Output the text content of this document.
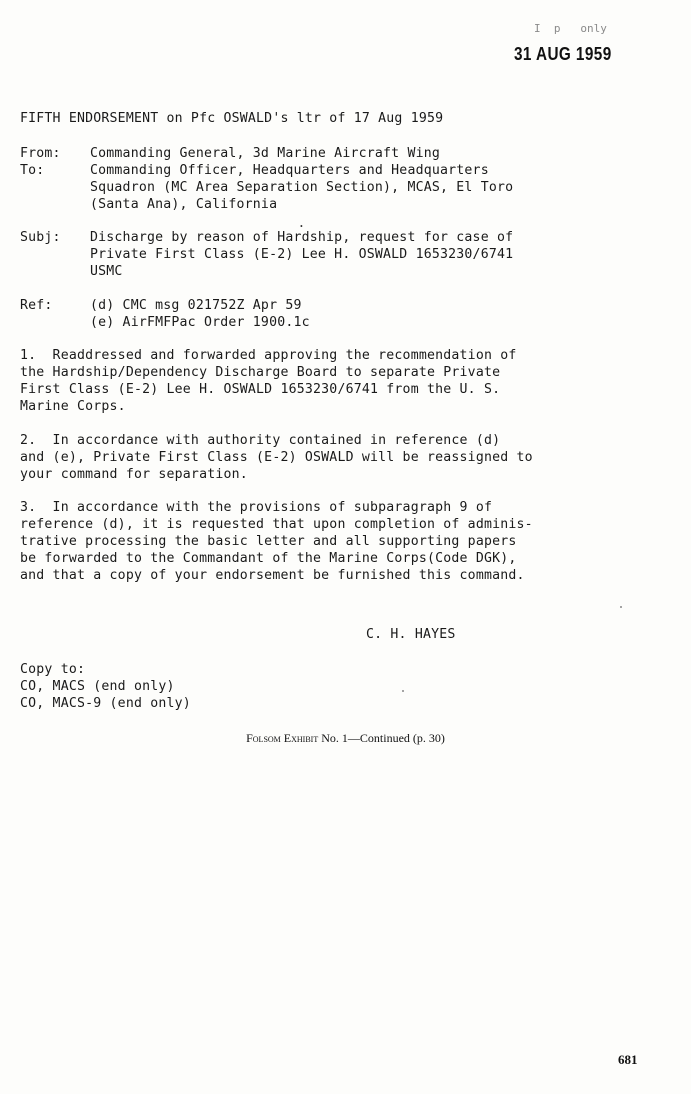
I  p   only
31 AUG 1959
FIFTH ENDORSEMENT on Pfc OSWALD's ltr of 17 Aug 1959
From: Commanding General, 3d Marine Aircraft Wing
To:	Commanding Officer, Headquarters and Headquarters
Squadron (MC Area Separation Section), MCAS, El Toro
(Santa Ana), California
•
Subj: Discharge by reason of Hardship, request for case of
Private First Class (E-2) Lee H. OSWALD 1653230/6741
USMC
Ref:	(d) CMC msg 021752Z Apr 59
(e) AirFMFPac Order 1900.1c
1.  Readdressed and forwarded approving the recommendation of
the Hardship/Dependency Discharge Board to separate Private
First Class (E-2) Lee H. OSWALD 1653230/6741 from the U. S.
Marine Corps.
2.  In accordance with authority contained in reference (d)
and (e), Private First Class (E-2) OSWALD will be reassigned to
your command for separation.
3.  In accordance with the provisions of subparagraph 9 of
reference (d), it is requested that upon completion of adminis-
trative processing the basic letter and all supporting papers
be forwarded to the Commandant of the Marine Corps(Code DGK),
and that a copy of your endorsement be furnished this command.
C. H. HAYES
Copy to:
CO, MACS (end only)
CO, MACS-9 (end only)
Folsom Exhibit No. 1—Continued (p. 30)
681
